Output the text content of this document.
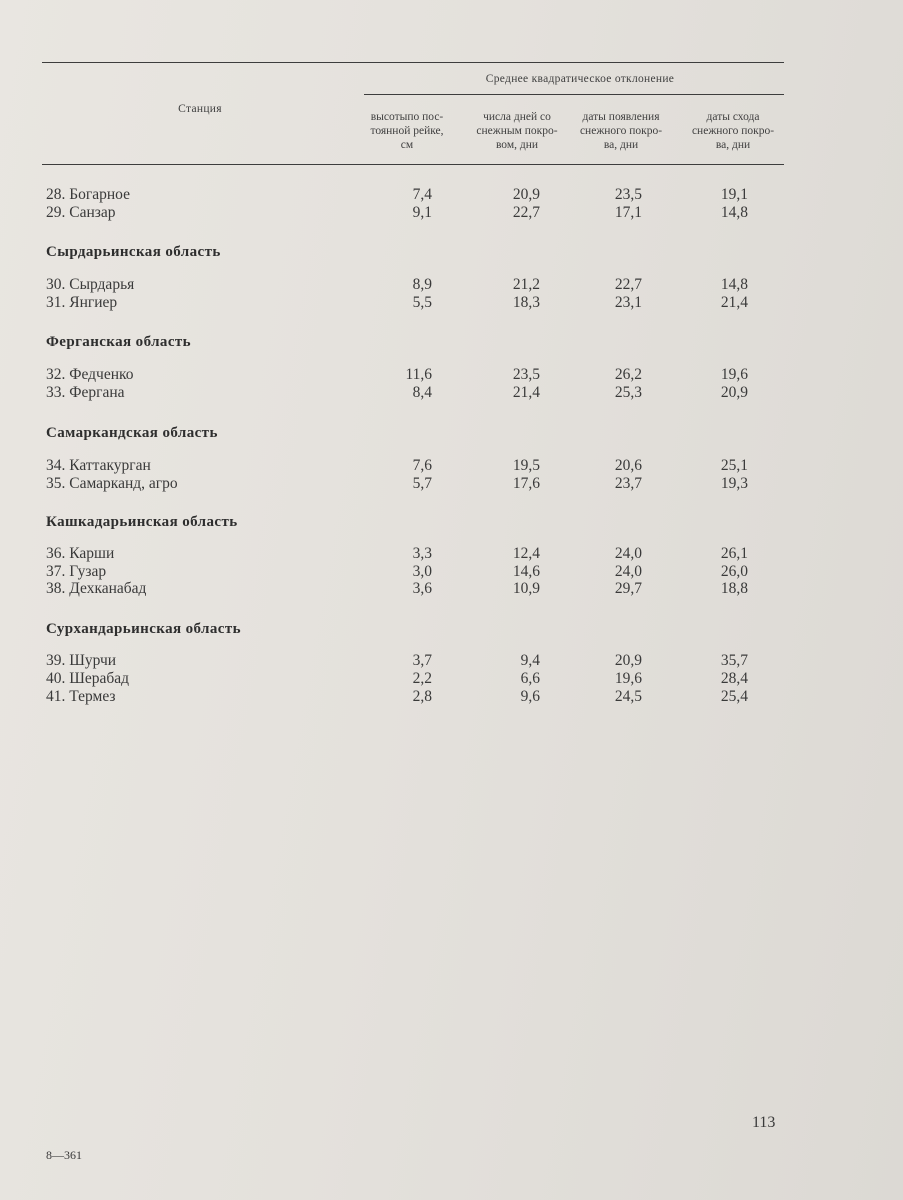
Станция
Среднее квадратическое отклонение
высотыпо пос-
тоянной рейке,
см
числа дней со
снежным покро-
вом, дни
даты появления
снежного покро-
ва, дни
даты схода
снежного покро-
ва, дни
28. Богарное	7,4	20,9	23,5	19,1
29. Санзар	9,1	22,7	17,1	14,8
Сырдарьинская область
30. Сырдарья	8,9	21,2	22,7	14,8
31. Янгиер	5,5	18,3	23,1	21,4
Ферганская область
32. Федченко	11,6	23,5	26,2	19,6
33. Фергана	8,4	21,4	25,3	20,9
Самаркандская область
34. Каттакурган	7,6	19,5	20,6	25,1
35. Самарканд, агро	5,7	17,6	23,7	19,3
Кашкадарьинская область
36. Карши	3,3	12,4	24,0	26,1
37. Гузар	3,0	14,6	24,0	26,0
38. Дехканабад	3,6	10,9	29,7	18,8
Сурхандарьинская область
39. Шурчи	3,7	9,4	20,9	35,7
40. Шерабад	2,2	6,6	19,6	28,4
41. Термез	2,8	9,6	24,5	25,4
113
8—361
